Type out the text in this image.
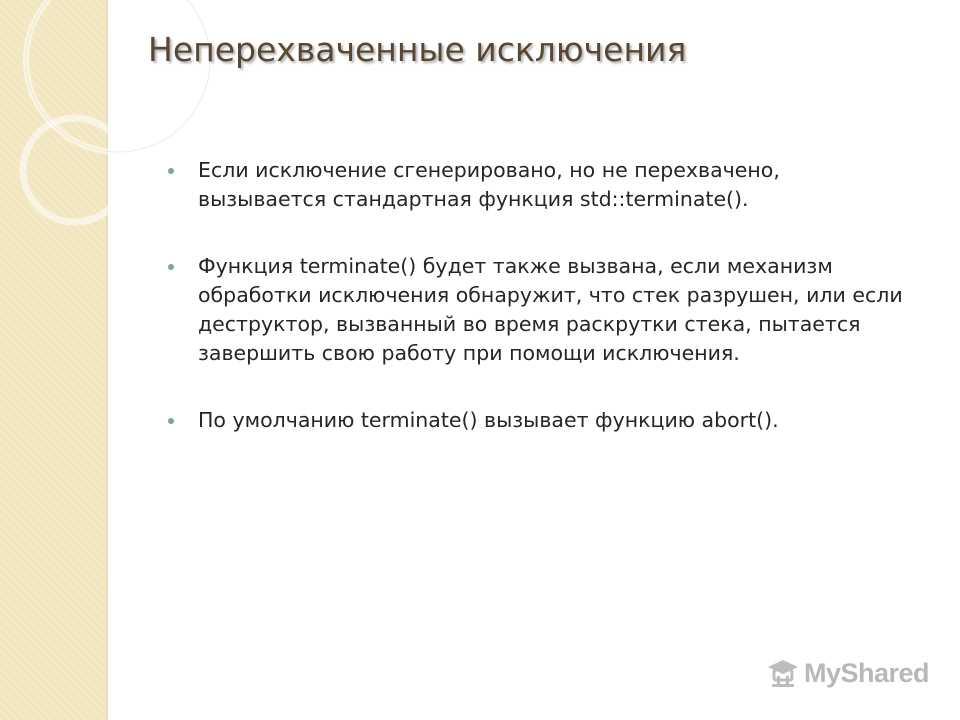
Неперехваченные исключения
Если исключение сгенерировано, но не перехвачено, вызывается стандартная функция std::terminate().
Функция terminate() будет также вызвана, если механизм обработки исключения обнаружит, что стек разрушен, или если деструктор, вызванный во время раскрутки стека, пытается завершить свою работу при помощи исключения.
По умолчанию terminate() вызывает функцию abort().
MyShared
